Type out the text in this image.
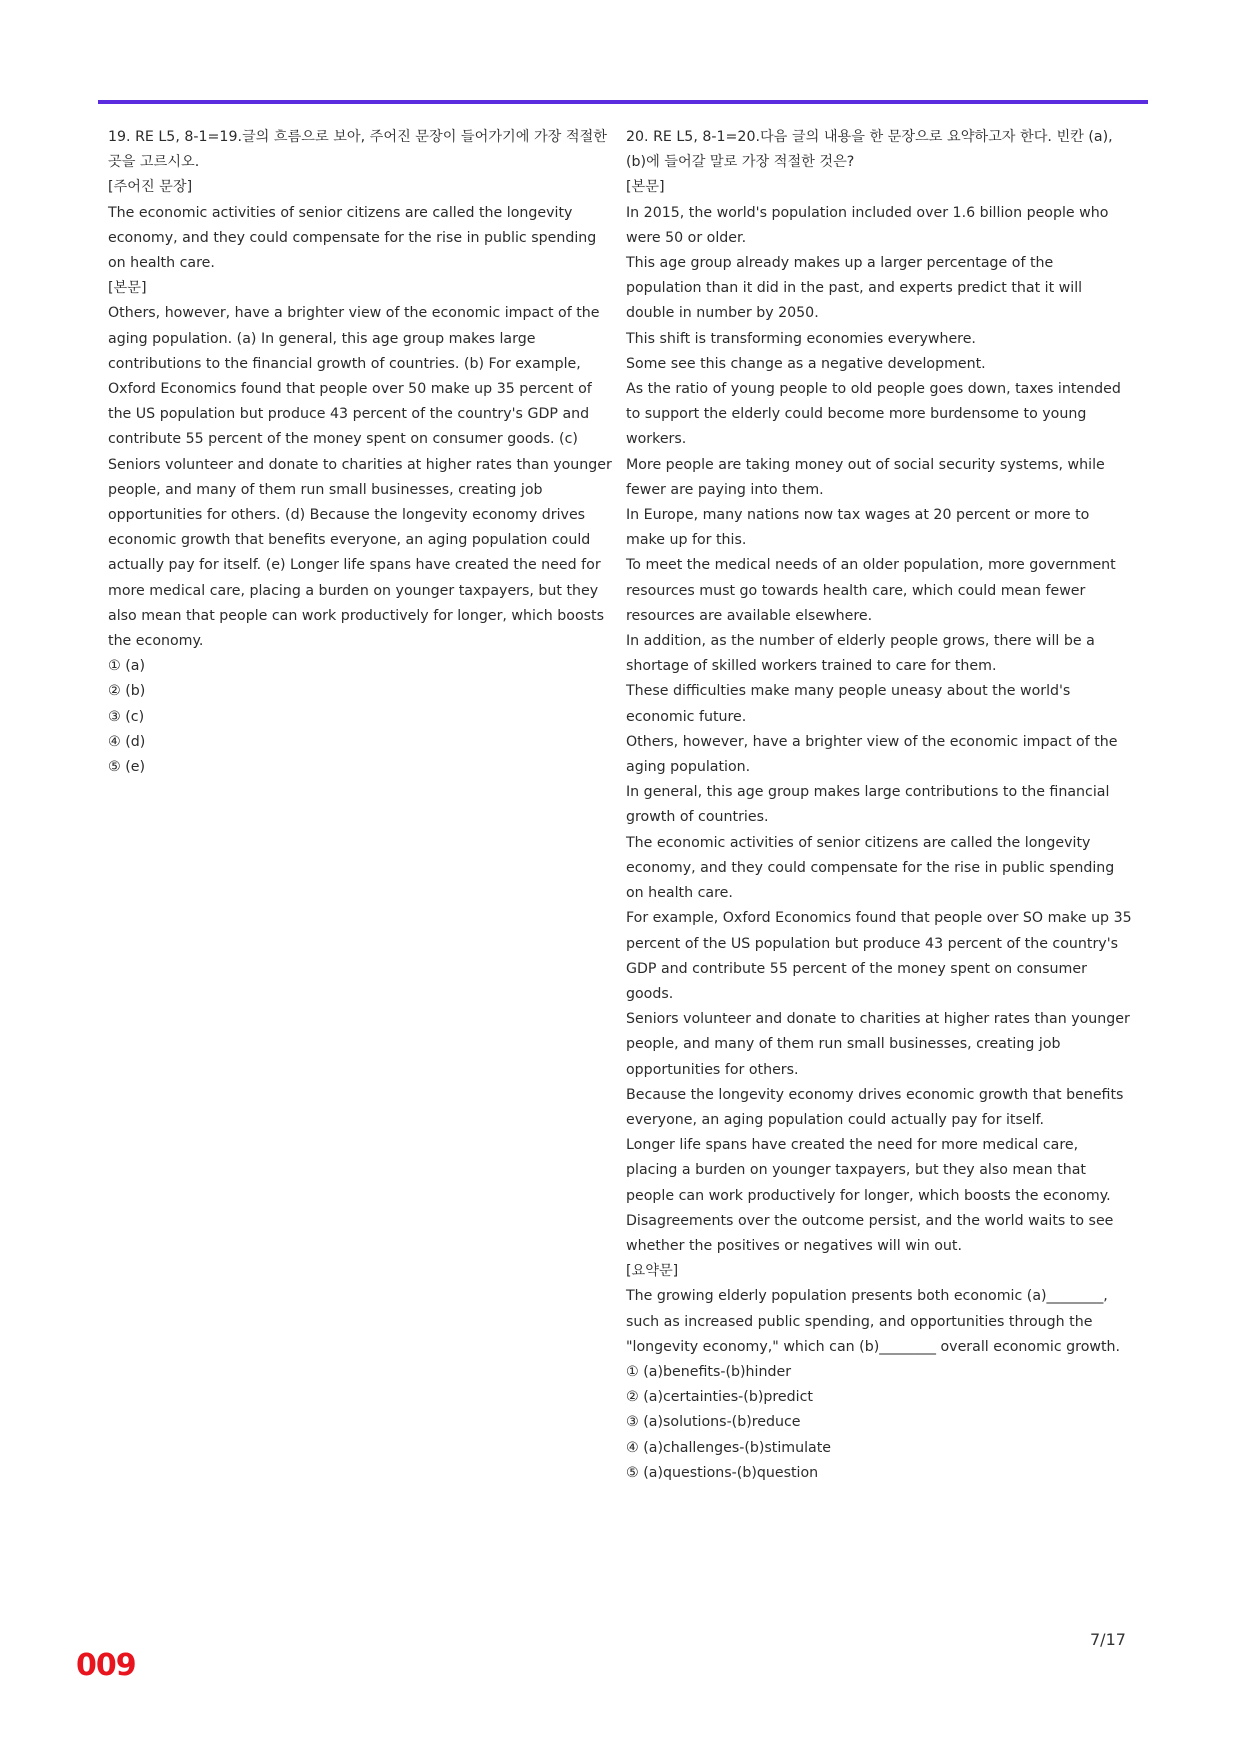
19. RE L5, 8-1=19.글의 흐름으로 보아, 주어진 문장이 들어가기에 가장 적절한 곳을 고르시오.

[주어진 문장]

The economic activities of senior citizens are called the longevity economy, and they could compensate for the rise in public spending on health care.

[본문]

Others, however, have a brighter view of the economic impact of the aging population. (a) In general, this age group makes large contributions to the financial growth of countries. (b) For example, Oxford Economics found that people over 50 make up 35 percent of the US population but produce 43 percent of the country's GDP and contribute 55 percent of the money spent on consumer goods. (c) Seniors volunteer and donate to charities at higher rates than younger people, and many of them run small businesses, creating job opportunities for others. (d) Because the longevity economy drives economic growth that benefits everyone, an aging population could actually pay for itself. (e) Longer life spans have created the need for more medical care, placing a burden on younger taxpayers, but they also mean that people can work productively for longer, which boosts the economy.

① (a)

② (b)

③ (c)

④ (d)

⑤ (e)

20. RE L5, 8-1=20.다음 글의 내용을 한 문장으로 요약하고자 한다. 빈칸 (a), (b)에 들어갈 말로 가장 적절한 것은?

[본문]

In 2015, the world's population included over 1.6 billion people who were 50 or older.

This age group already makes up a larger percentage of the population than it did in the past, and experts predict that it will double in number by 2050.

This shift is transforming economies everywhere.

Some see this change as a negative development.

As the ratio of young people to old people goes down, taxes intended to support the elderly could become more burdensome to young workers.

More people are taking money out of social security systems, while fewer are paying into them.

In Europe, many nations now tax wages at 20 percent or more to make up for this.

To meet the medical needs of an older population, more government resources must go towards health care, which could mean fewer resources are available elsewhere.

In addition, as the number of elderly people grows, there will be a shortage of skilled workers trained to care for them.

These difficulties make many people uneasy about the world's economic future.

Others, however, have a brighter view of the economic impact of the aging population.

In general, this age group makes large contributions to the financial growth of countries.

The economic activities of senior citizens are called the longevity economy, and they could compensate for the rise in public spending on health care.

For example, Oxford Economics found that people over SO make up 35 percent of the US population but produce 43 percent of the country's GDP and contribute 55 percent of the money spent on consumer goods.

Seniors volunteer and donate to charities at higher rates than younger people, and many of them run small businesses, creating job opportunities for others.

Because the longevity economy drives economic growth that benefits everyone, an aging population could actually pay for itself.

Longer life spans have created the need for more medical care, placing a burden on younger taxpayers, but they also mean that people can work productively for longer, which boosts the economy.

Disagreements over the outcome persist, and the world waits to see whether the positives or negatives will win out.

[요약문]

The growing elderly population presents both economic (a)________, such as increased public spending, and opportunities through the "longevity economy," which can (b)________ overall economic growth.

① (a)benefits-(b)hinder

② (a)certainties-(b)predict

③ (a)solutions-(b)reduce

④ (a)challenges-(b)stimulate

⑤ (a)questions-(b)question

7/17
009
